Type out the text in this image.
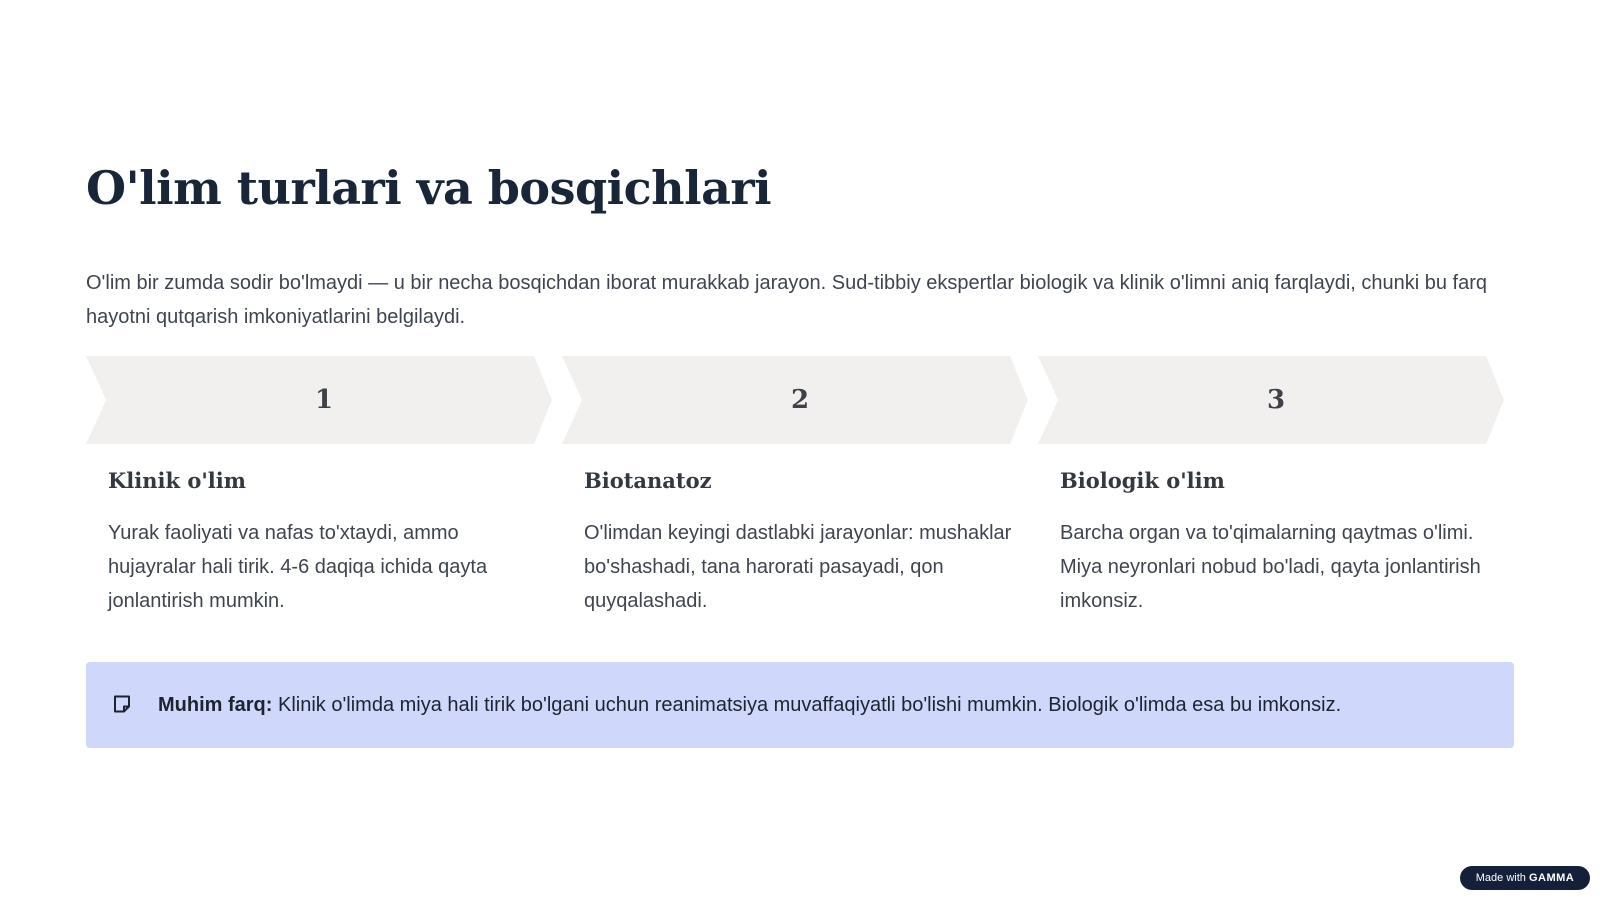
O'lim turlari va bosqichlari

O'lim bir zumda sodir bo'lmaydi — u bir necha bosqichdan iborat murakkab jarayon. Sud-tibbiy ekspertlar biologik va klinik o'limni aniq farqlaydi, chunki bu farq hayotni qutqarish imkoniyatlarini belgilaydi.

1
Klinik o'lim

Yurak faoliyati va nafas to'xtaydi, ammo hujayralar hali tirik. 4-6 daqiqa ichida qayta jonlantirish mumkin.

2
Biotanatoz

O'limdan keyingi dastlabki jarayonlar: mushaklar bo'shashadi, tana harorati pasayadi, qon quyqalashadi.

3
Biologik o'lim

Barcha organ va to'qimalarning qaytmas o'limi. Miya neyronlari nobud bo'ladi, qayta jonlantirish imkonsiz.

Muhim farq: Klinik o'limda miya hali tirik bo'lgani uchun reanimatsiya muvaffaqiyatli bo'lishi mumkin. Biologik o'limda esa bu imkonsiz.

Made with GAMMA
